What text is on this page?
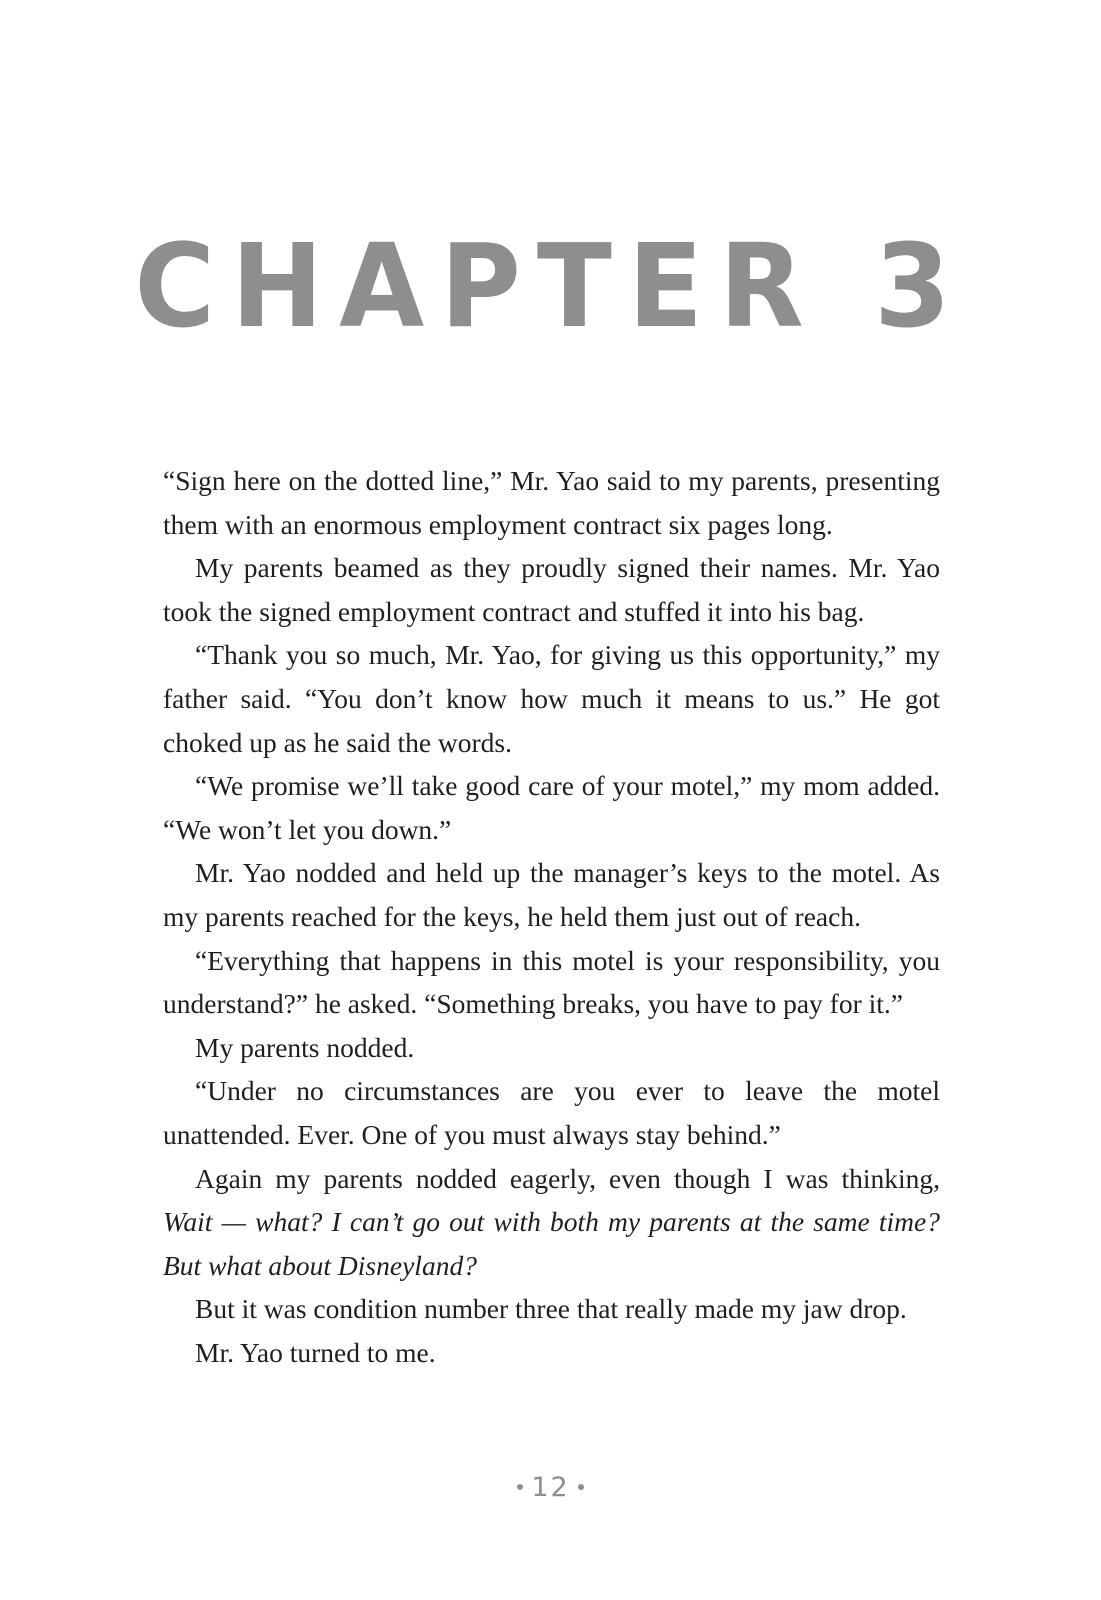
CHAPTER 3

“Sign here on the dotted line,” Mr. Yao said to my parents, presenting them with an enormous employment contract six pages long.

My parents beamed as they proudly signed their names. Mr. Yao took the signed employment contract and stuffed it into his bag.

“Thank you so much, Mr. Yao, for giving us this opportunity,” my father said. “You don’t know how much it means to us.” He got choked up as he said the words.

“We promise we’ll take good care of your motel,” my mom added. “We won’t let you down.”

Mr. Yao nodded and held up the manager’s keys to the motel. As my parents reached for the keys, he held them just out of reach.

“Everything that happens in this motel is your responsibility, you understand?” he asked. “Something breaks, you have to pay for it.”

My parents nodded.

“Under no circumstances are you ever to leave the motel unattended. Ever. One of you must always stay behind.”

Again my parents nodded eagerly, even though I was thinking, Wait — what? I can’t go out with both my parents at the same time? But what about Disneyland?

But it was condition number three that really made my jaw drop.

Mr. Yao turned to me.

12
